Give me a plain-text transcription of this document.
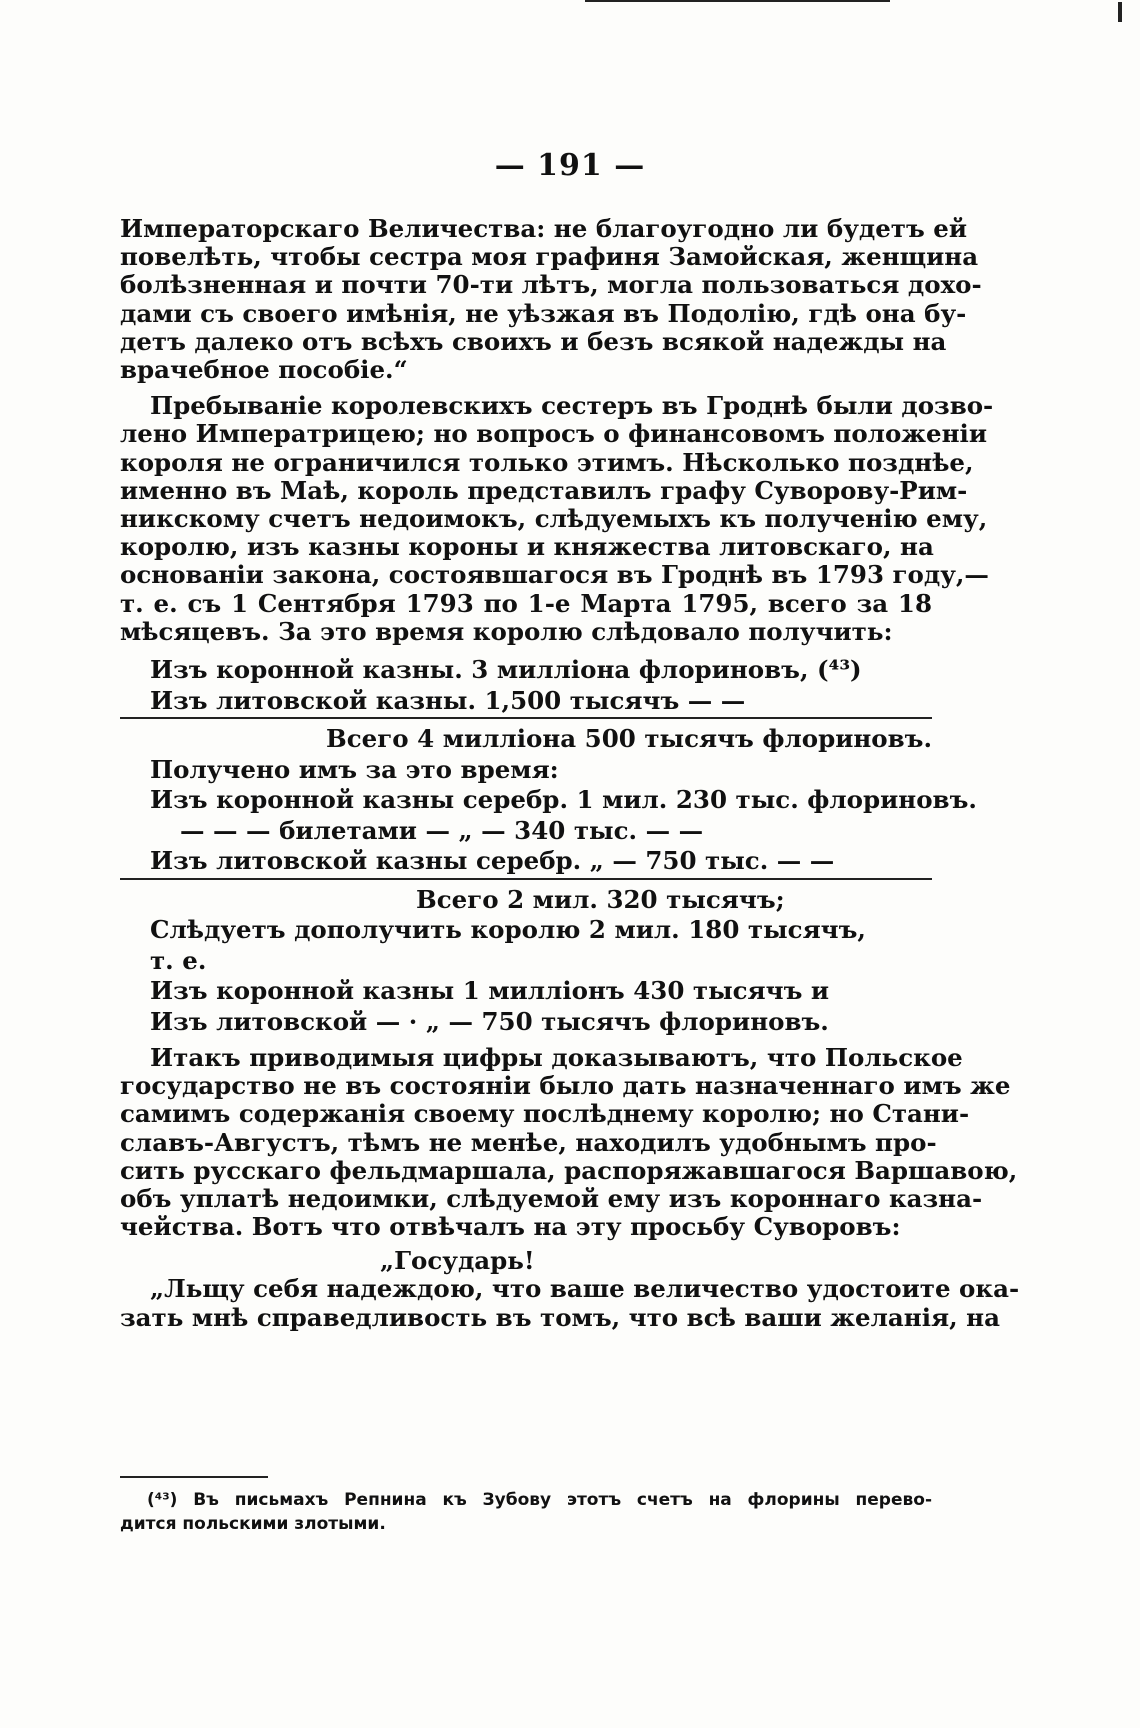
— 191 —
Императорскаго Величества: не благоугодно ли будетъ ей
повелѣть, чтобы сестра моя графиня Замойская, женщина
болѣзненная и почти 70-ти лѣтъ, могла пользоваться дохо-
дами съ своего имѣнія, не уѣзжая въ Подолію, гдѣ она бу-
детъ далеко отъ всѣхъ своихъ и безъ всякой надежды на
врачебное пособіе.“
Пребываніе королевскихъ сестеръ въ Гроднѣ были дозво-
лено Императрицею; но вопросъ о финансовомъ положеніи
короля не ограничился только этимъ. Нѣсколько позднѣе,
именно въ Маѣ, король представилъ графу Суворову-Рим-
никскому счетъ недоимокъ, слѣдуемыхъ къ полученію ему,
королю, изъ казны короны и княжества литовскаго, на
основаніи закона, состоявшагося въ Гроднѣ въ 1793 году,—
т. е. съ 1 Сентября 1793 по 1-е Марта 1795, всего за 18
мѣсяцевъ. За это время королю слѣдовало получить:
Изъ коронной казны. 3 милліона флориновъ, (⁴³)
Изъ литовской казны. 1,500 тысячъ — —
Всего 4 милліона 500 тысячъ флориновъ.
Получено имъ за это время:
Изъ коронной казны серебр. 1 мил. 230 тыс. флориновъ.
— — — билетами — „ — 340 тыс. — —
Изъ литовской казны серебр. „ — 750 тыс. — —
Всего 2 мил. 320 тысячъ;
Слѣдуетъ дополучить королю 2 мил. 180 тысячъ,
т. е.
Изъ коронной казны 1 милліонъ 430 тысячъ и
Изъ литовской — · „ — 750 тысячъ флориновъ.
Итакъ приводимыя цифры доказываютъ, что Польское
государство не въ состояніи было дать назначеннаго имъ же
самимъ содержанія своему послѣднему королю; но Стани-
славъ-Августъ, тѣмъ не менѣе, находилъ удобнымъ про-
сить русскаго фельдмаршала, распоряжавшагося Варшавою,
объ уплатѣ недоимки, слѣдуемой ему изъ короннаго казна-
чейства. Вотъ что отвѣчалъ на эту просьбу Суворовъ:
„Государь!
„Льщу себя надеждою, что ваше величество удостоите ока-
зать мнѣ справедливость въ томъ, что всѣ ваши желанія, на
(⁴³) Въ письмахъ Репнина къ Зубову этотъ счетъ на флорины перево-
дится польскими злотыми.
